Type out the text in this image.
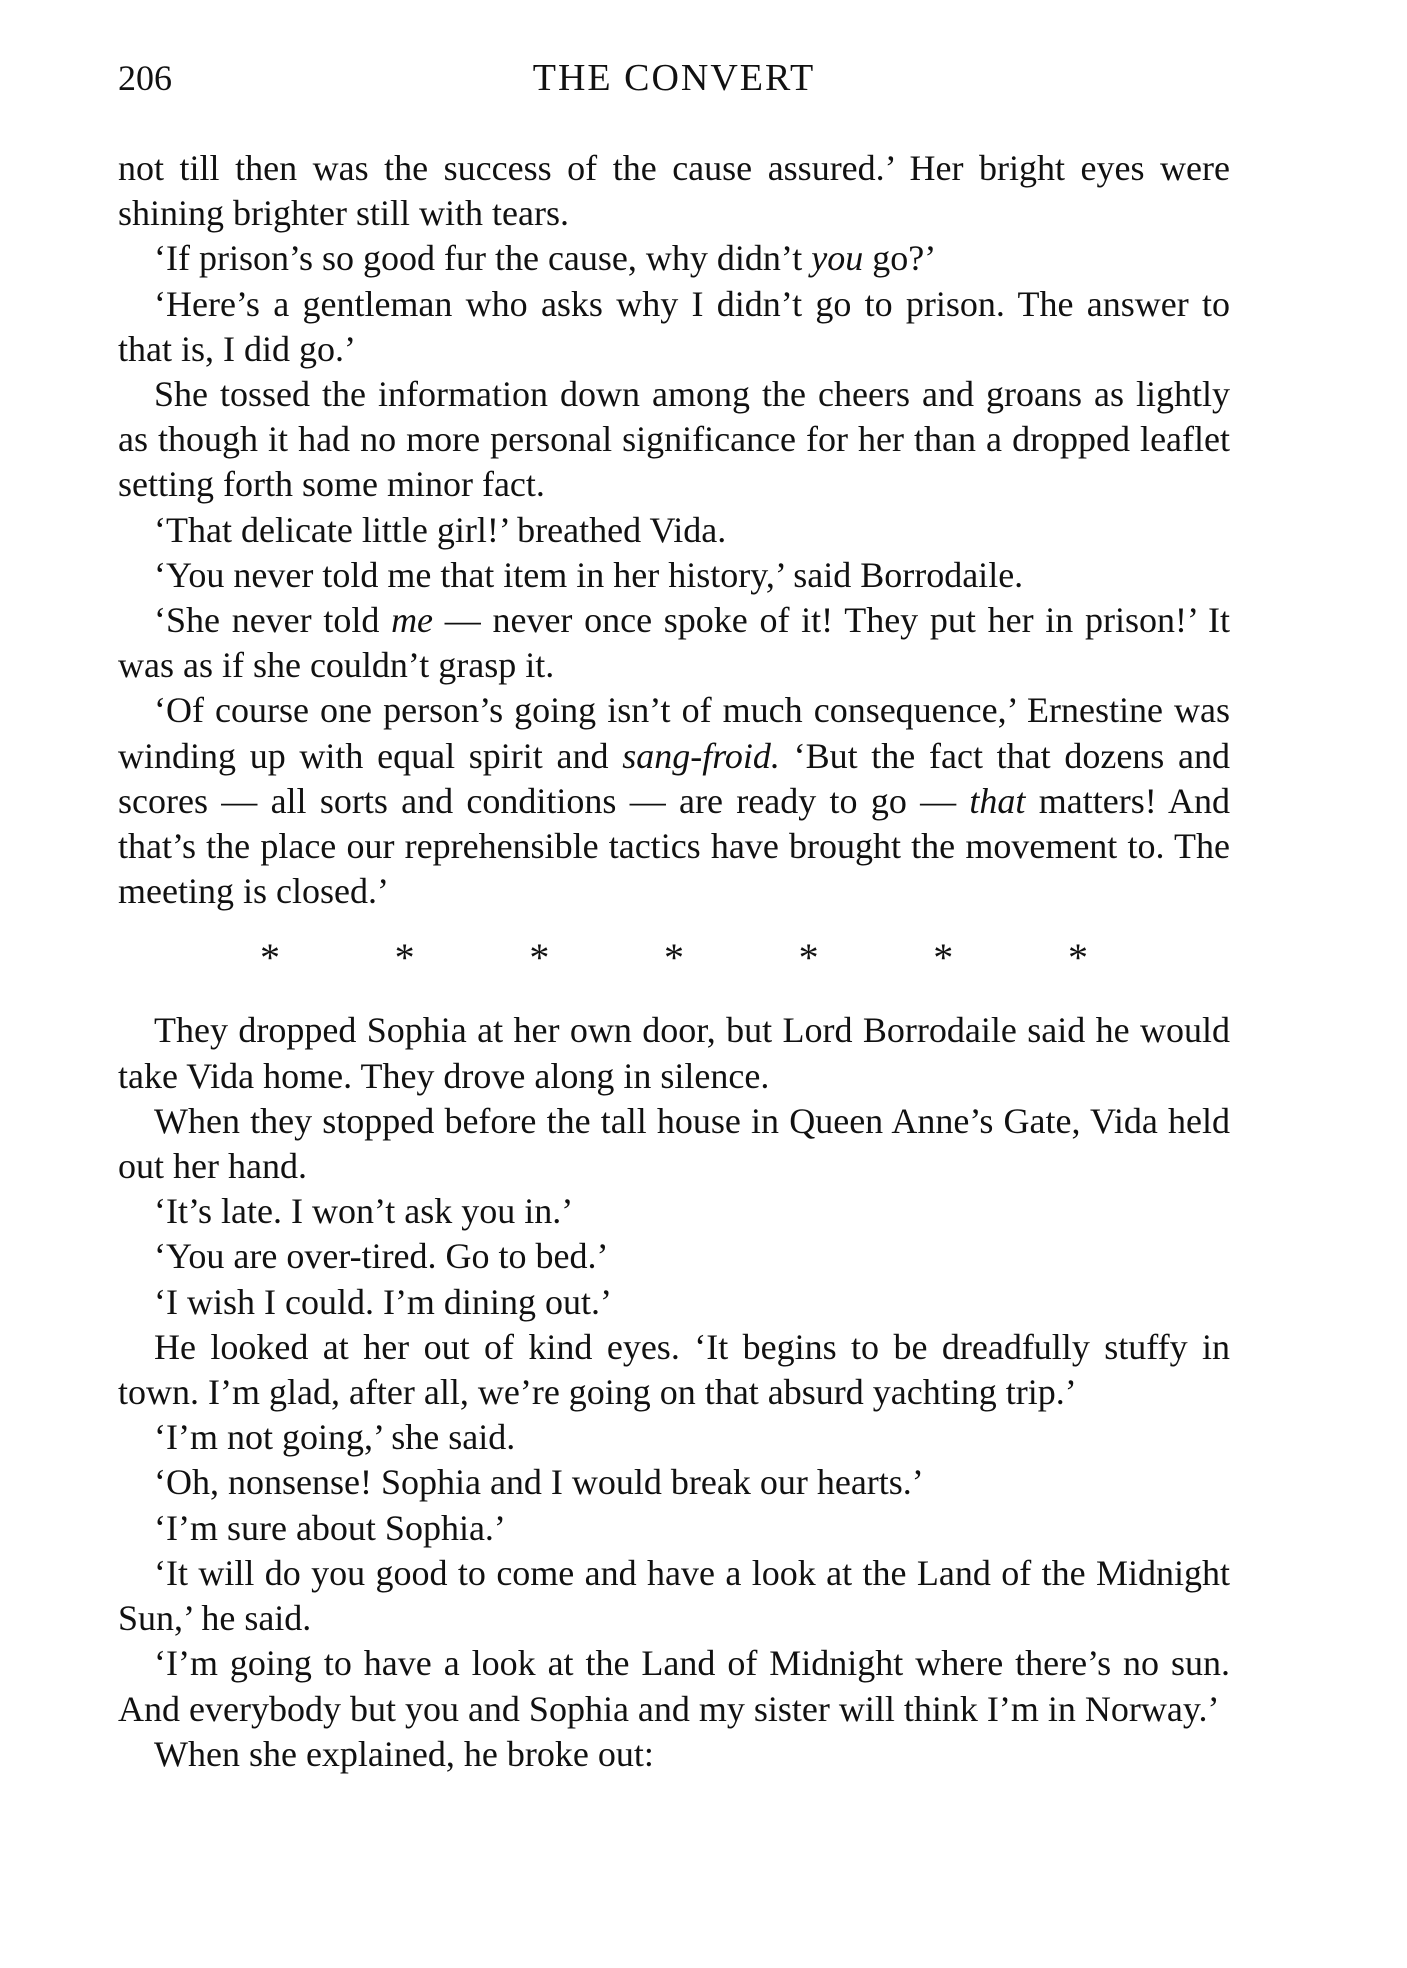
206	THE CONVERT

not till then was the success of the cause assured.’ Her bright eyes were shining brighter still with tears.

‘If prison’s so good fur the cause, why didn’t you go?’

‘Here’s a gentleman who asks why I didn’t go to prison. The answer to that is, I did go.’

She tossed the information down among the cheers and groans as lightly as though it had no more personal significance for her than a dropped leaflet setting forth some minor fact.

‘That delicate little girl!’ breathed Vida.

‘You never told me that item in her history,’ said Borrodaile.

‘She never told me — never once spoke of it! They put her in prison!’ It was as if she couldn’t grasp it.

‘Of course one person’s going isn’t of much consequence,’ Ernestine was winding up with equal spirit and sang-froid. ‘But the fact that dozens and scores — all sorts and conditions — are ready to go — that matters! And that’s the place our reprehensible tactics have brought the movement to. The meeting is closed.’

*	*	*	*	*	*	*

They dropped Sophia at her own door, but Lord Borrodaile said he would take Vida home. They drove along in silence.

When they stopped before the tall house in Queen Anne’s Gate, Vida held out her hand.

‘It’s late. I won’t ask you in.’

‘You are over-tired. Go to bed.’

‘I wish I could. I’m dining out.’

He looked at her out of kind eyes. ‘It begins to be dreadfully stuffy in town. I’m glad, after all, we’re going on that absurd yachting trip.’

‘I’m not going,’ she said.

‘Oh, nonsense! Sophia and I would break our hearts.’

‘I’m sure about Sophia.’

‘It will do you good to come and have a look at the Land of the Midnight Sun,’ he said.

‘I’m going to have a look at the Land of Midnight where there’s no sun. And everybody but you and Sophia and my sister will think I’m in Norway.’

When she explained, he broke out:
